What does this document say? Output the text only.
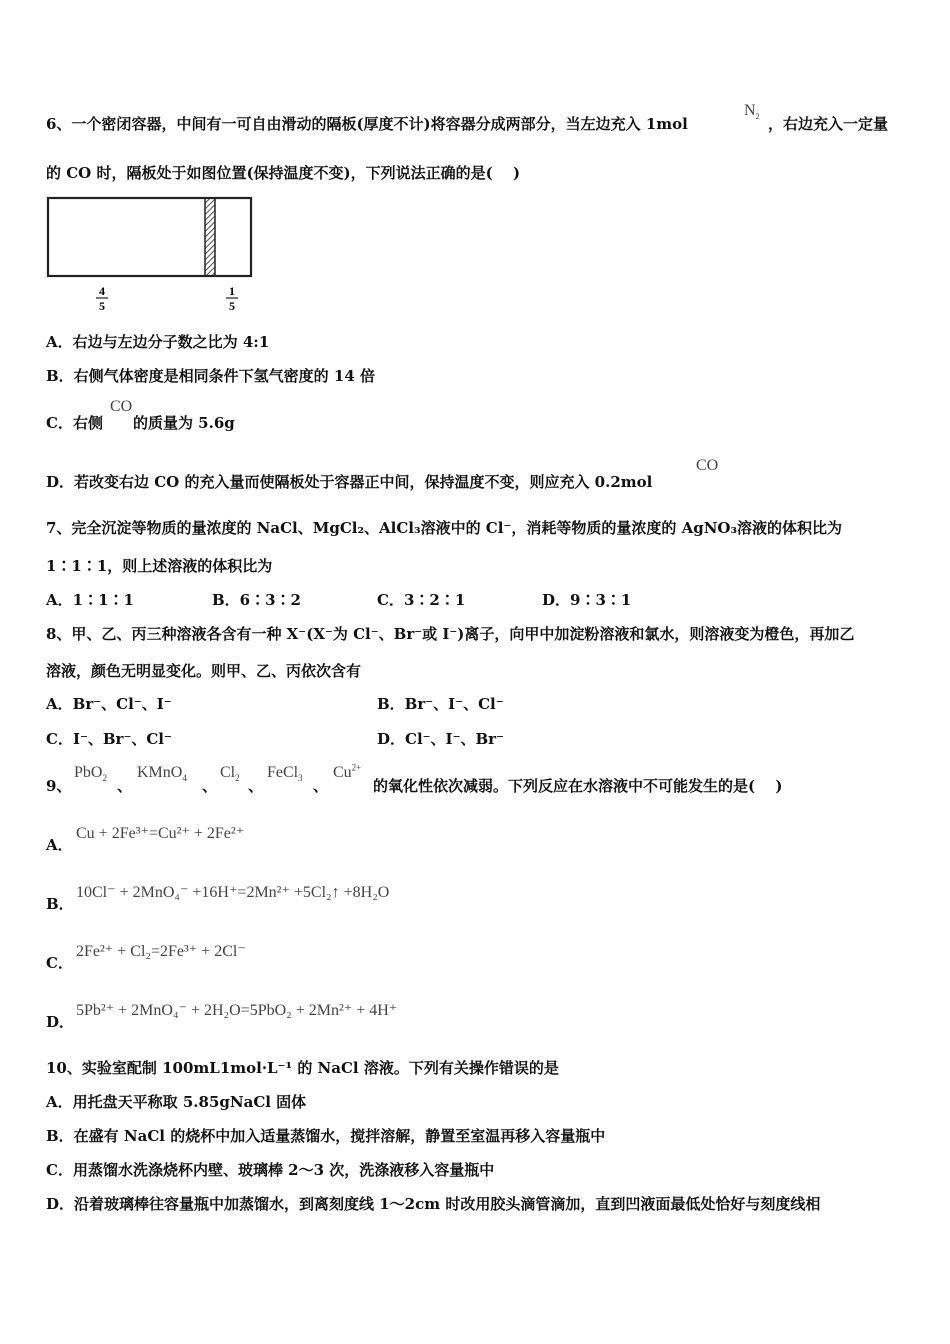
6、一个密闭容器，中间有一可自由滑动的隔板(厚度不计)将容器分成两部分，当左边充入 1mol
$N_2$ ，右边充入一定量
的 CO 时，隔板处于如图位置(保持温度不变)，下列说法正确的是(　 )
4
5
1
5
A．右边与左边分子数之比为 4:1
B．右侧气体密度是相同条件下氢气密度的 14 倍
C．右侧 的质量为 5.6g
CO
D．若改变右边 CO 的充入量而使隔板处于容器正中间，保持温度不变，则应充入 0.2mol
CO
7、完全沉淀等物质的量浓度的 NaCl、MgCl₂、AlCl₃溶液中的 Cl⁻，消耗等物质的量浓度的 AgNO₃溶液的体积比为
1∶1∶1，则上述溶液的体积比为
A．1∶1∶1	B．6∶3∶2	C．3∶2∶1	D．9∶3∶1
8、甲、乙、丙三种溶液各含有一种 X⁻(X⁻为 Cl⁻、Br⁻或 I⁻)离子，向甲中加淀粉溶液和氯水，则溶液变为橙色，再加乙
溶液，颜色无明显变化。则甲、乙、丙依次含有
A．Br⁻、Cl⁻、I⁻	B．Br⁻、I⁻、Cl⁻
C．I⁻、Br⁻、Cl⁻	D．Cl⁻、I⁻、Br⁻
9、
PbO$_2$ 、
KMnO$_4$ 、
$Cl_2$ 、
FeCl$_3$ 、
$Cu^{2+}$
的氧化性依次减弱。下列反应在水溶液中不可能发生的是(　 )
A．
Cu + 2Fe³⁺=Cu²⁺ + 2Fe²⁺
B．
10Cl⁻ + 2MnO₄⁻ +16H⁺=2Mn²⁺ +5Cl₂↑ +8H₂O
C．
2Fe²⁺ + Cl₂=2Fe³⁺ + 2Cl⁻
D．
5Pb²⁺ + 2MnO₄⁻ + 2H₂O=5PbO₂ + 2Mn²⁺ + 4H⁺
10、实验室配制 100mL1mol·L⁻¹ 的 NaCl 溶液。下列有关操作错误的是
A．用托盘天平称取 5.85gNaCl 固体
B．在盛有 NaCl 的烧杯中加入适量蒸馏水，搅拌溶解，静置至室温再移入容量瓶中
C．用蒸馏水洗涤烧杯内壁、玻璃棒 2～3 次，洗涤液移入容量瓶中
D．沿着玻璃棒往容量瓶中加蒸馏水，到离刻度线 1～2cm 时改用胶头滴管滴加，直到凹液面最低处恰好与刻度线相
